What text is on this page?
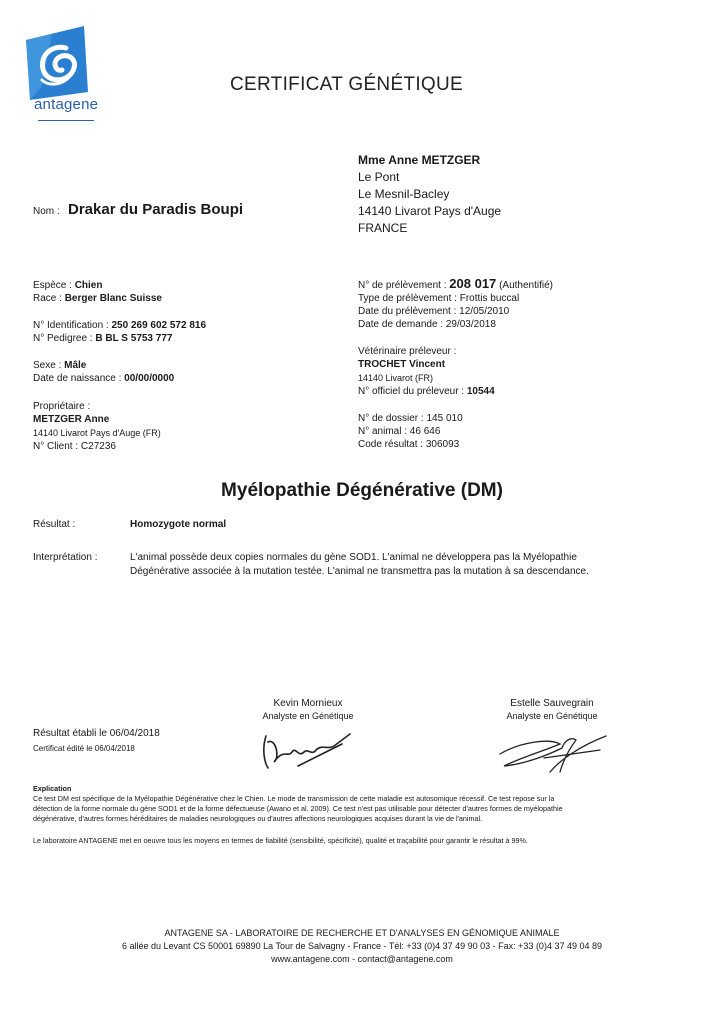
antagene
CERTIFICAT GÉNÉTIQUE
Mme Anne METZGER
Le Pont
Le Mesnil-Bacley
14140 Livarot Pays d'Auge
FRANCE
Nom : Drakar du Paradis Boupi
Espèce : Chien
Race : Berger Blanc Suisse
N° Identification : 250 269 602 572 816
N° Pedigree : B BL S 5753 777
Sexe : Mâle
Date de naissance : 00/00/0000
Propriétaire :
METZGER Anne
14140 Livarot Pays d'Auge (FR)
N° Client : C27236
N° de prélèvement : 208 017 (Authentifié)
Type de prélèvement : Frottis buccal
Date du prélèvement : 12/05/2010
Date de demande : 29/03/2018
Vétérinaire préleveur :
TROCHET Vincent
14140 Livarot (FR)
N° officiel du préleveur : 10544
N° de dossier : 145 010
N° animal : 46 646
Code résultat : 306093
Myélopathie Dégénérative (DM)
Résultat :	Homozygote normal
Interprétation :	L'animal possède deux copies normales du gène SOD1. L'animal ne développera pas la Myélopathie
Dégénérative associée à la mutation testée. L'animal ne transmettra pas la mutation à sa descendance.
Kevin Mornieux
Analyste en Génétique
Estelle Sauvegrain
Analyste en Génétique
Résultat établi le 06/04/2018
Certificat édité le 06/04/2018
Explication
Ce test DM est spécifique de la Myélopathie Dégénérative chez le Chien. Le mode de transmission de cette maladie est autosomique récessif. Ce test repose sur la
détection de la forme normale du gène SOD1 et de la forme défectueuse (Awano et al. 2009). Ce test n'est pas utilisable pour détecter d'autres formes de myélopathie
dégénérative, d'autres formes héréditaires de maladies neurologiques ou d'autres affections neurologiques acquises durant la vie de l'animal.
Le laboratoire ANTAGENE met en oeuvre tous les moyens en termes de fiabilité (sensibilité, spécificité), qualité et traçabilité pour garantir le résultat à 99%.
ANTAGENE SA - LABORATOIRE DE RECHERCHE ET D'ANALYSES EN GÉNOMIQUE ANIMALE
6 allée du Levant CS 50001 69890 La Tour de Salvagny - France - Tél: +33 (0)4 37 49 90 03 - Fax: +33 (0)4 37 49 04 89
www.antagene.com - contact@antagene.com
